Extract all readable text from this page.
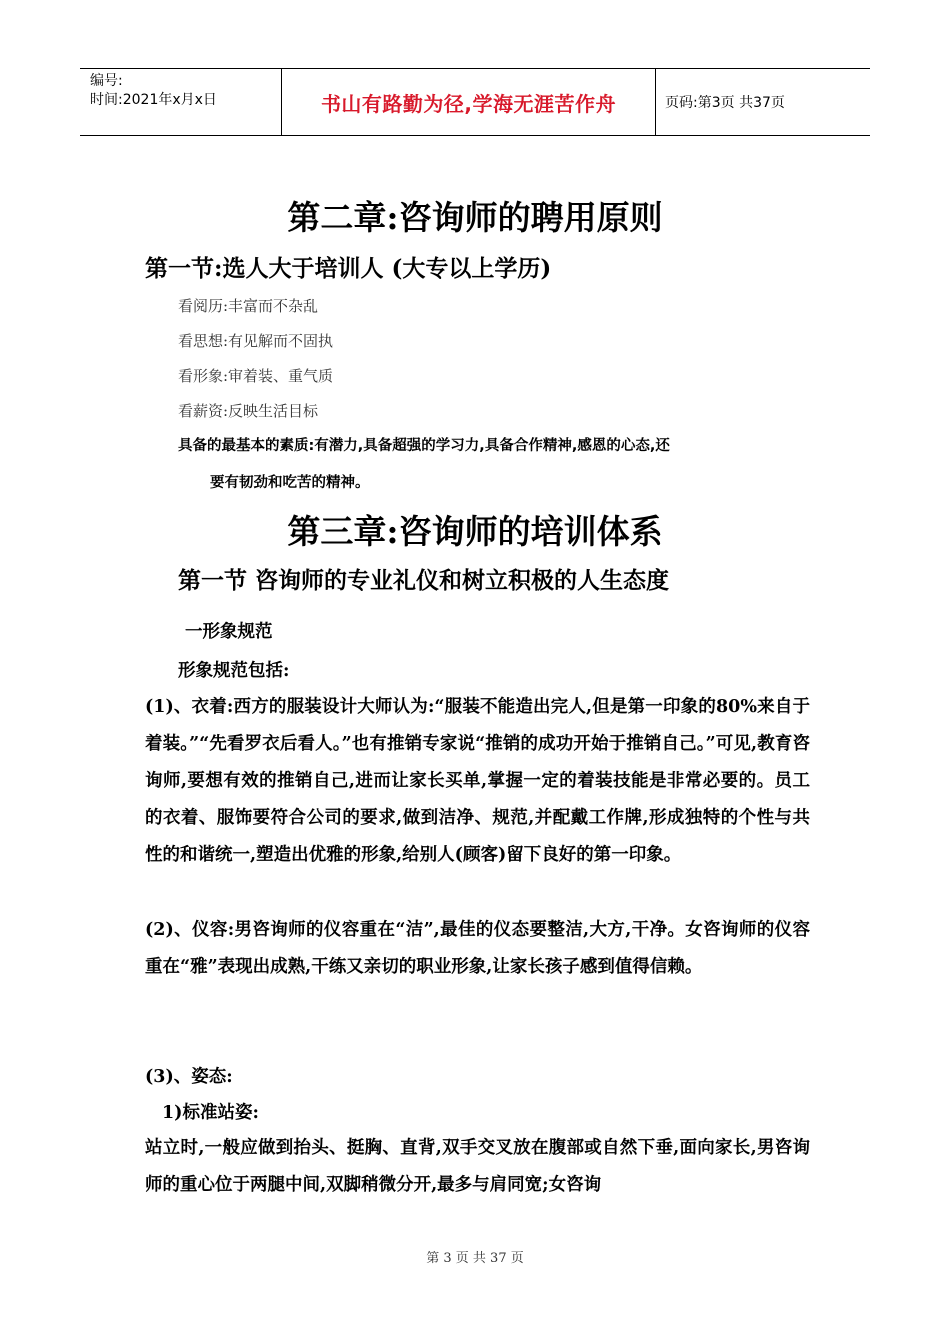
编号:
时间:2021年x月x日	书山有路勤为径,学海无涯苦作舟	页码:第3页 共37页
第二章:咨询师的聘用原则
第一节:选人大于培训人 (大专以上学历)
看阅历:丰富而不杂乱
看思想:有见解而不固执
看形象:审着装、重气质
看薪资:反映生活目标
具备的最基本的素质:有潜力,具备超强的学习力,具备合作精神,感恩的心态,还
要有韧劲和吃苦的精神。
第三章:咨询师的培训体系
第一节 咨询师的专业礼仪和树立积极的人生态度
一形象规范
形象规范包括:
(1)、衣着:西方的服装设计大师认为:“服装不能造出完人,但是第一印象的80%来自于着装。”“先看罗衣后看人。”也有推销专家说“推销的成功开始于推销自己。”可见,教育咨询师,要想有效的推销自己,进而让家长买单,掌握一定的着装技能是非常必要的。员工的衣着、服饰要符合公司的要求,做到洁净、规范,并配戴工作牌,形成独特的个性与共性的和谐统一,塑造出优雅的形象,给别人(顾客)留下良好的第一印象。
(2)、仪容:男咨询师的仪容重在“洁”,最佳的仪态要整洁,大方,干净。女咨询师的仪容重在“雅”表现出成熟,干练又亲切的职业形象,让家长孩子感到值得信赖。
(3)、姿态:
1)标准站姿:
站立时,一般应做到抬头、挺胸、直背,双手交叉放在腹部或自然下垂,面向家长,男咨询师的重心位于两腿中间,双脚稍微分开,最多与肩同宽;女咨询
第 3 页 共 37 页
